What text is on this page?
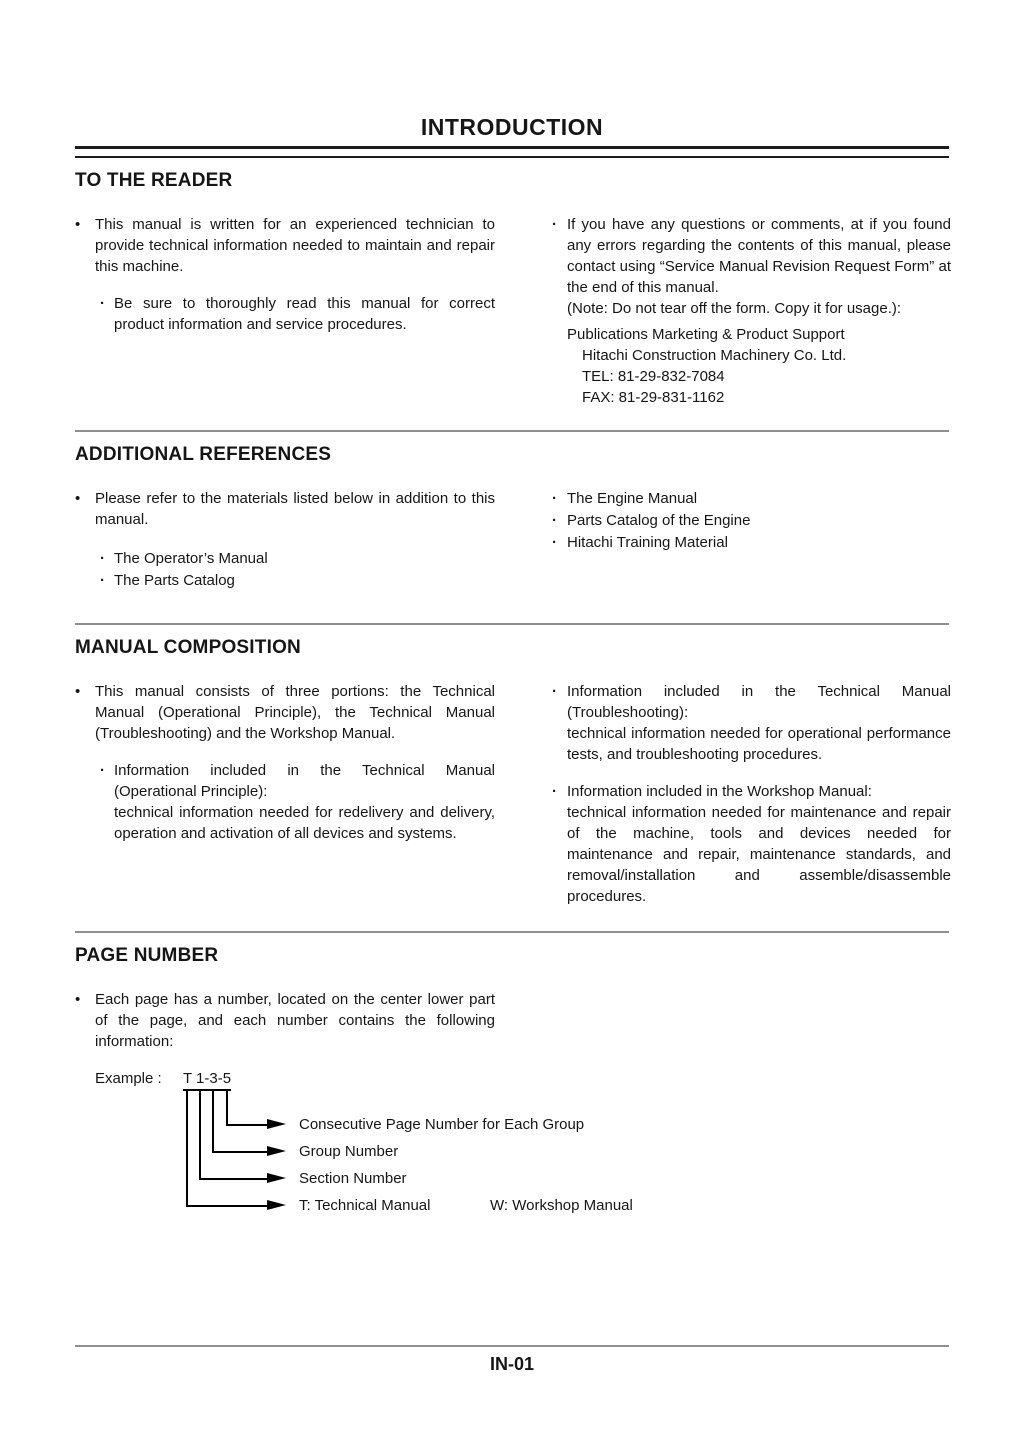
INTRODUCTION
TO THE READER
• This manual is written for an experienced technician to provide technical information needed to maintain and repair this machine.
· Be sure to thoroughly read this manual for correct product information and service procedures.
· If you have any questions or comments, at if you found any errors regarding the contents of this manual, please contact using “Service Manual Revision Request Form” at the end of this manual.
(Note: Do not tear off the form. Copy it for usage.):
Publications Marketing & Product Support
Hitachi Construction Machinery Co. Ltd.
TEL: 81-29-832-7084
FAX: 81-29-831-1162
ADDITIONAL REFERENCES
• Please refer to the materials listed below in addition to this manual.
· The Operator’s Manual
· The Parts Catalog
· The Engine Manual
· Parts Catalog of the Engine
· Hitachi Training Material
MANUAL COMPOSITION
• This manual consists of three portions: the Technical Manual (Operational Principle), the Technical Manual (Troubleshooting) and the Workshop Manual.
· Information included in the Technical Manual (Operational Principle):
technical information needed for redelivery and delivery, operation and activation of all devices and systems.
· Information included in the Technical Manual (Troubleshooting):
technical information needed for operational performance tests, and troubleshooting procedures.
· Information included in the Workshop Manual:
technical information needed for maintenance and repair of the machine, tools and devices needed for maintenance and repair, maintenance standards, and removal/installation and assemble/disassemble procedures.
PAGE NUMBER
• Each page has a number, located on the center lower part of the page, and each number contains the following information:
Example : T 1-3-5
Consecutive Page Number for Each Group
Group Number
Section Number
T: Technical Manual	W: Workshop Manual
IN-01
